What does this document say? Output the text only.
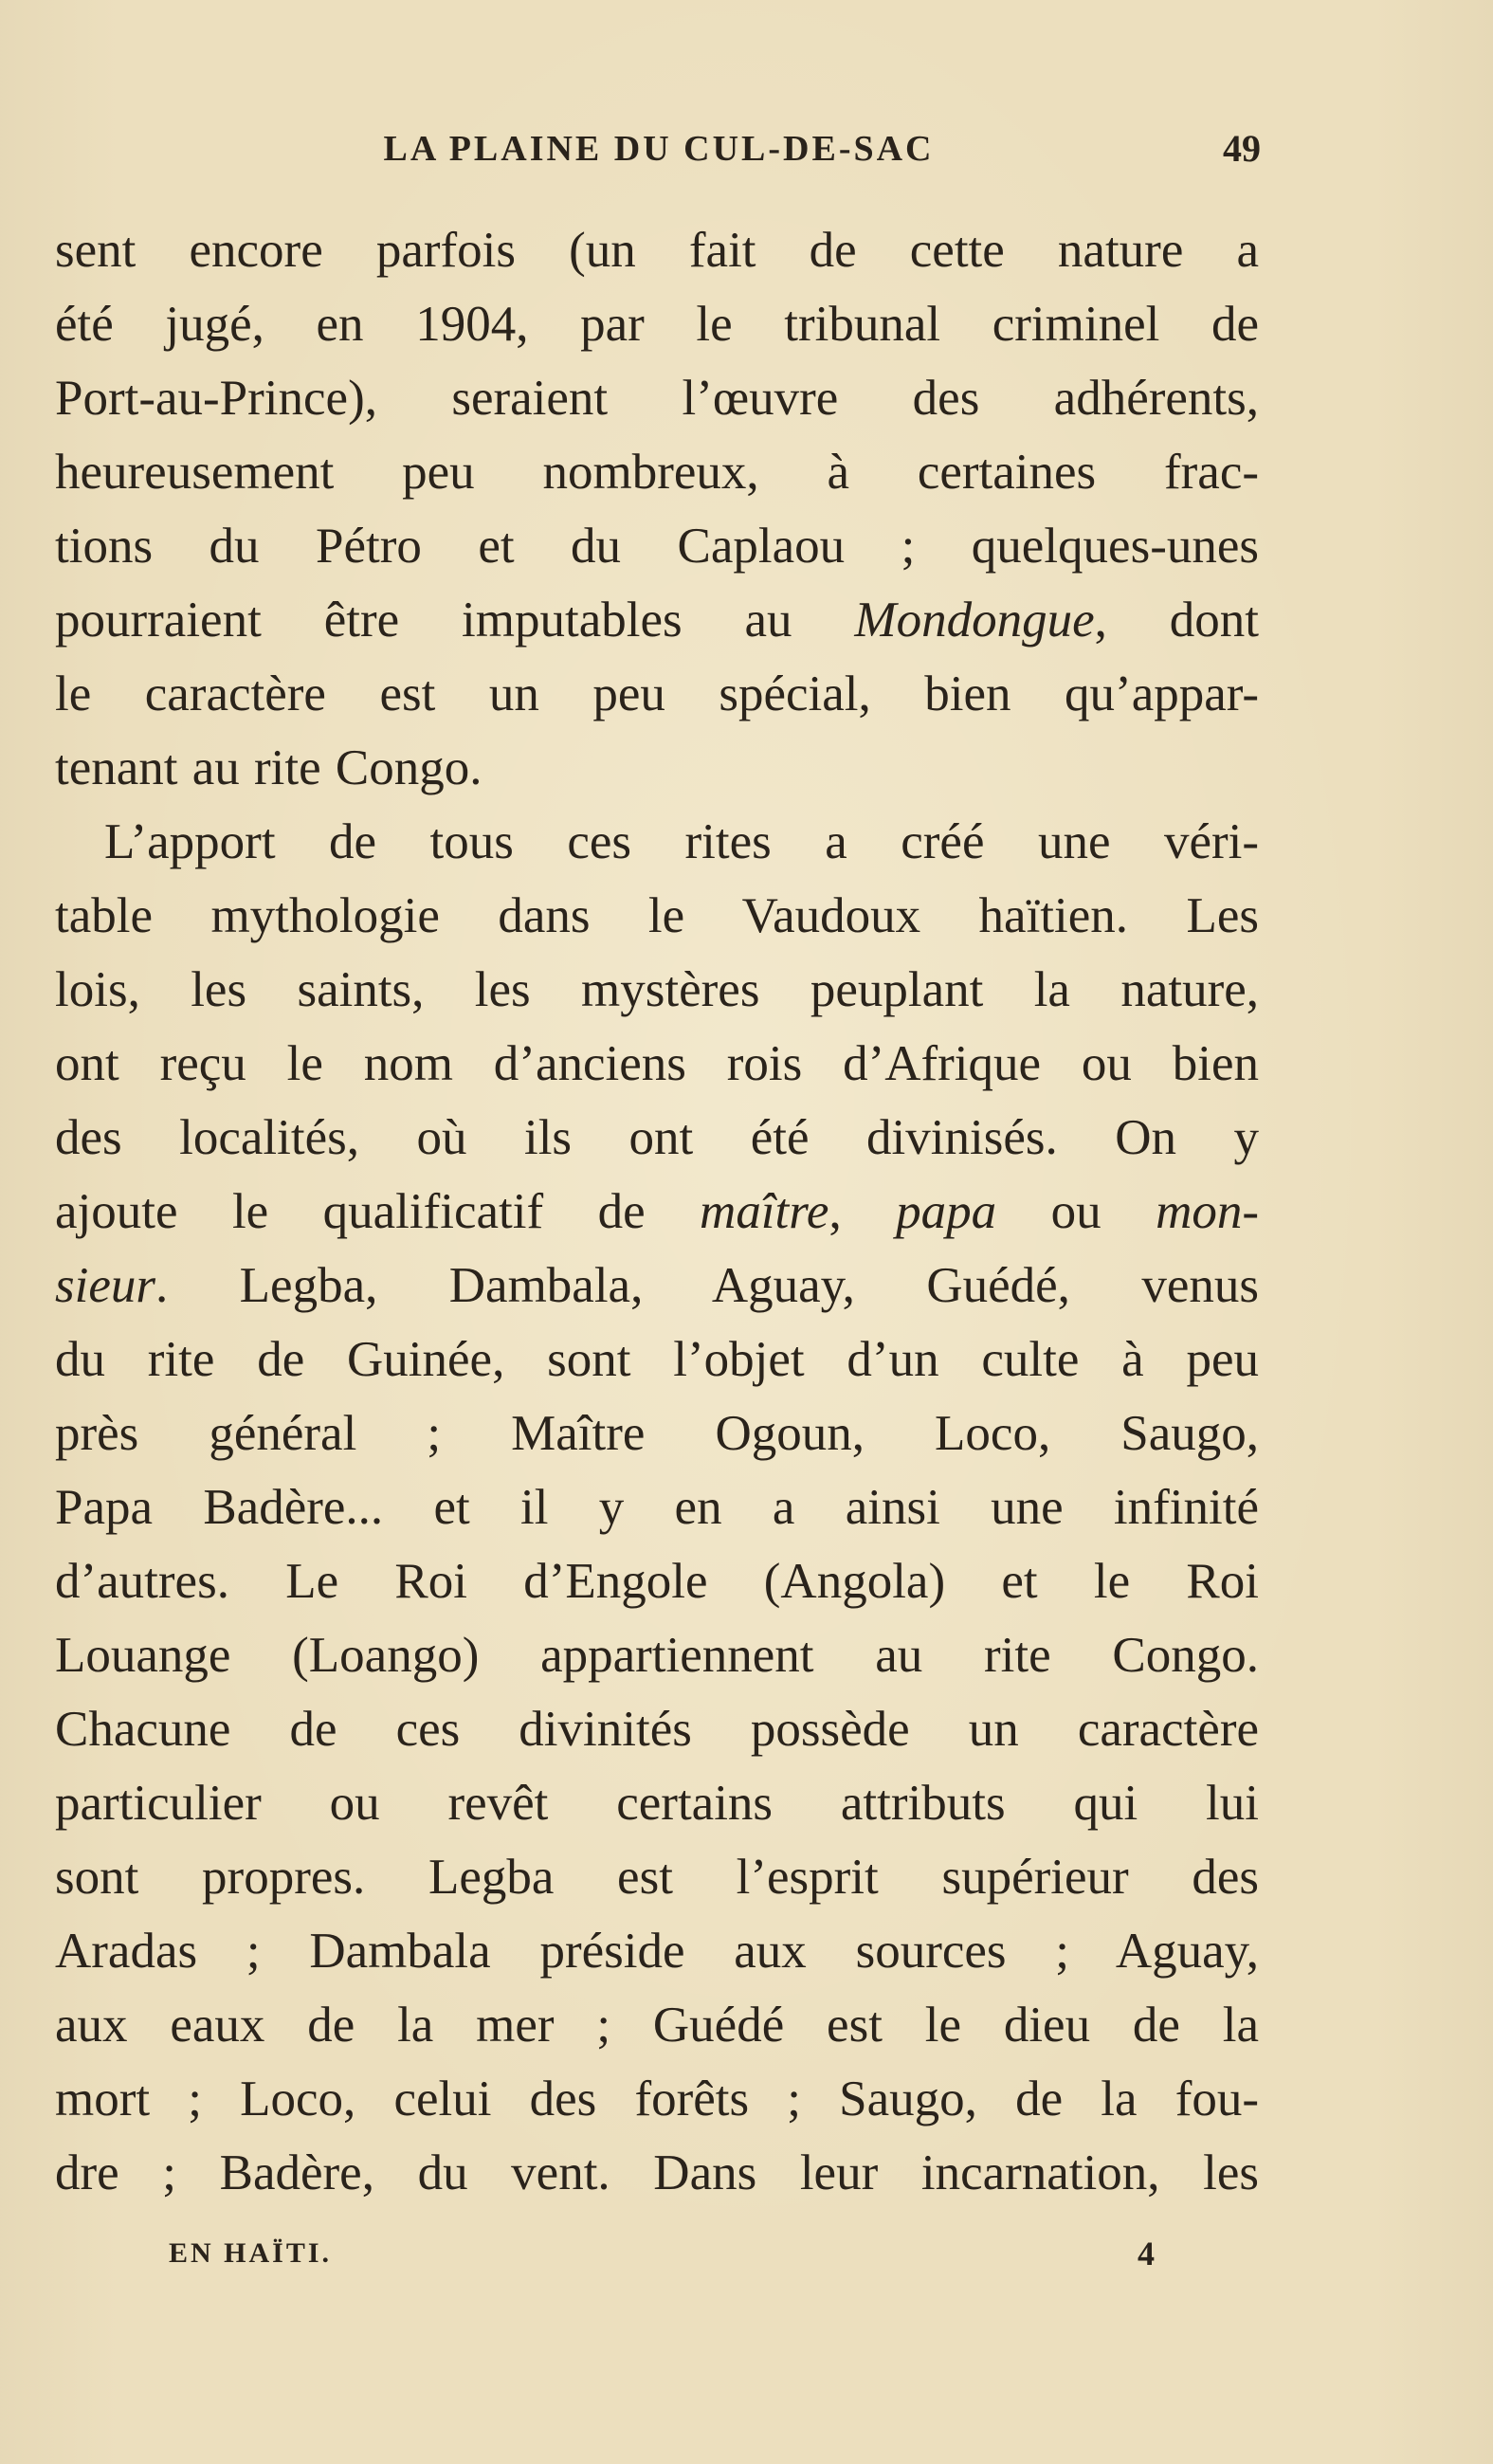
LA PLAINE DU CUL-DE-SAC	49
sent encore parfois (un fait de cette nature a
été jugé, en 1904, par le tribunal criminel de
Port-au-Prince), seraient l’œuvre des adhérents,
heureusement peu nombreux, à certaines frac-
tions du Pétro et du Caplaou ; quelques-unes
pourraient être imputables au Mondongue, dont
le caractère est un peu spécial, bien qu’appar-
tenant au rite Congo.
L’apport de tous ces rites a créé une véri-
table mythologie dans le Vaudoux haïtien. Les
lois, les saints, les mystères peuplant la nature,
ont reçu le nom d’anciens rois d’Afrique ou bien
des localités, où ils ont été divinisés. On y
ajoute le qualificatif de maître, papa ou mon-
sieur. Legba, Dambala, Aguay, Guédé, venus
du rite de Guinée, sont l’objet d’un culte à peu
près général ; Maître Ogoun, Loco, Saugo,
Papa Badère... et il y en a ainsi une infinité
d’autres. Le Roi d’Engole (Angola) et le Roi
Louange (Loango) appartiennent au rite Congo.
Chacune de ces divinités possède un caractère
particulier ou revêt certains attributs qui lui
sont propres. Legba est l’esprit supérieur des
Aradas ; Dambala préside aux sources ; Aguay,
aux eaux de la mer ; Guédé est le dieu de la
mort ; Loco, celui des forêts ; Saugo, de la fou-
dre ; Badère, du vent. Dans leur incarnation, les
EN HAÏTI.	4
